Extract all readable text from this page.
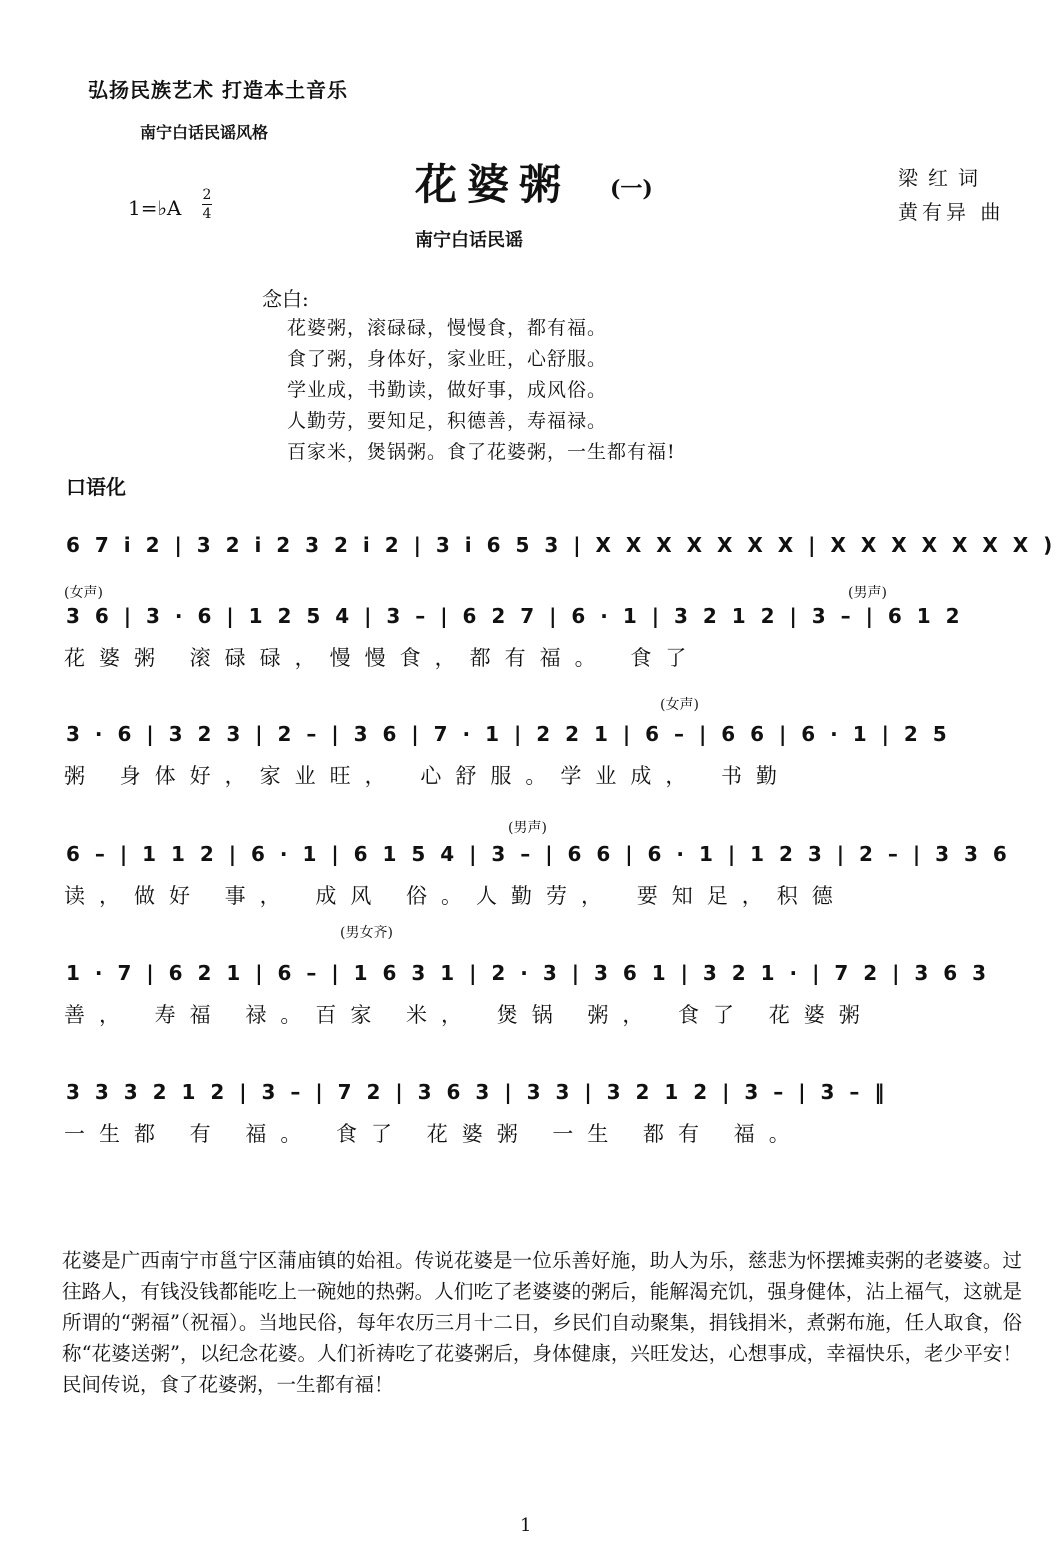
弘扬民族艺术 打造本土音乐
南宁白话民谣风格
花婆粥 (一)
南宁白话民谣
梁红词
黄有异 曲
1=♭A
2
4
念白:
花婆粥，滚碌碌，慢慢食，都有福。
食了粥，身体好，家业旺，心舒服。
学业成，书勤读，做好事，成风俗。
人勤劳，要知足，积德善，寿福禄。
百家米，煲锅粥。食了花婆粥，一生都有福!
口语化
6 7 i 2 | 3 2 i 2 3 2 i 2 | 3 i 6 5 3 | X X X X X X X | X X X X X X X )
(女声)	(男声)
3 6 | 3 · 6 | 1 2 5 4 | 3 – | 6 2 7 | 6 · 1 | 3 2 1 2 | 3 – | 6 1 2
花婆粥 滚碌碌，慢慢食，都有福。 食了
(女声)
3 · 6 | 3 2 3 | 2 – | 3 6 | 7 · 1 | 2 2 1 | 6 – | 6 6 | 6 · 1 | 2 5
粥 身体好，家业旺， 心舒服。学业成， 书勤
(男声)
6 – | 1 1 2 | 6 · 1 | 6 1 5 4 | 3 – | 6 6 | 6 · 1 | 1 2 3 | 2 – | 3 3 6
读，做好 事， 成风 俗。人勤劳， 要知足，积德
(男女齐)
1 · 7 | 6 2 1 | 6 – | 1 6 3 1 | 2 · 3 | 3 6 1 | 3 2 1 · | 7 2 | 3 6 3
善， 寿福 禄。百家 米， 煲锅 粥， 食了 花婆粥
3 3 3 2 1 2 | 3 – | 7 2 | 3 6 3 | 3 3 | 3 2 1 2 | 3 – | 3 – ‖
一生都 有 福。 食了 花婆粥 一生 都有 福。
花婆是广西南宁市邕宁区蒲庙镇的始祖。传说花婆是一位乐善好施，助人为乐，慈悲为怀摆摊卖粥的老婆婆。过往路人，有钱没钱都能吃上一碗她的热粥。人们吃了老婆婆的粥后，能解渴充饥，强身健体，沾上福气，这就是所谓的“粥福”（祝福）。当地民俗，每年农历三月十二日，乡民们自动聚集，捐钱捐米，煮粥布施，任人取食，俗称“花婆送粥”，以纪念花婆。人们祈祷吃了花婆粥后，身体健康，兴旺发达，心想事成，幸福快乐，老少平安！民间传说，食了花婆粥，一生都有福！
1
